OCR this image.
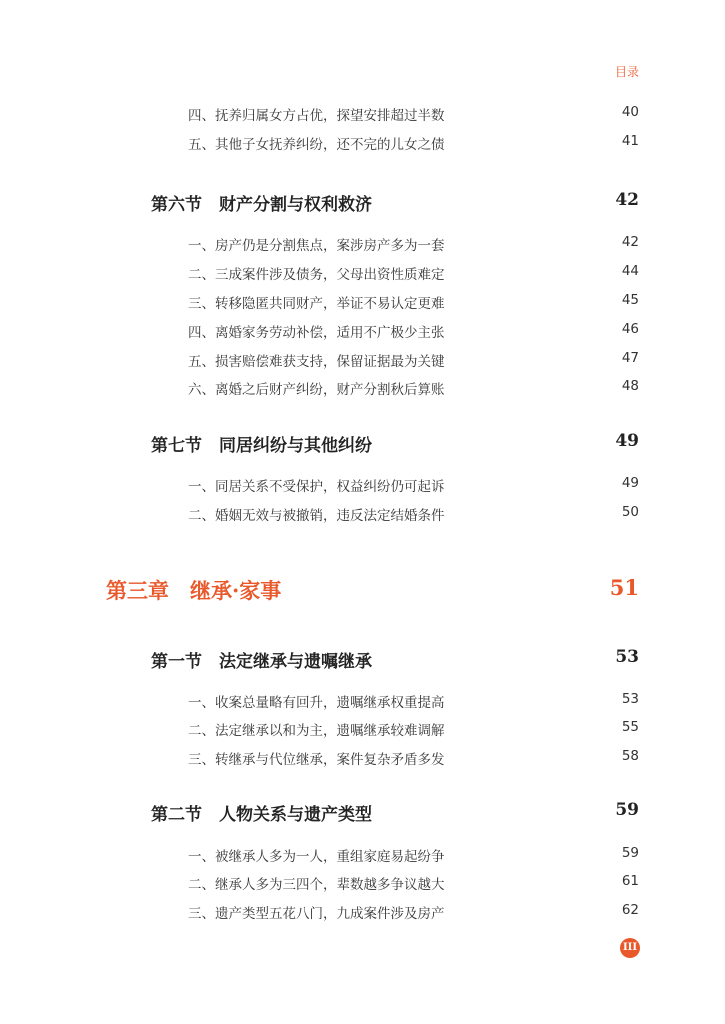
目录
四、抚养归属女方占优，探望安排超过半数	40
五、其他子女抚养纠纷，还不完的儿女之债	41
第六节　财产分割与权利救济	42
一、房产仍是分割焦点，案涉房产多为一套	42
二、三成案件涉及债务，父母出资性质难定	44
三、转移隐匿共同财产，举证不易认定更难	45
四、离婚家务劳动补偿，适用不广极少主张	46
五、损害赔偿难获支持，保留证据最为关键	47
六、离婚之后财产纠纷，财产分割秋后算账	48
第七节　同居纠纷与其他纠纷	49
一、同居关系不受保护，权益纠纷仍可起诉	49
二、婚姻无效与被撤销，违反法定结婚条件	50
第三章　继承·家事	51
第一节　法定继承与遗嘱继承	53
一、收案总量略有回升，遗嘱继承权重提高	53
二、法定继承以和为主，遗嘱继承较难调解	55
三、转继承与代位继承，案件复杂矛盾多发	58
第二节　人物关系与遗产类型	59
一、被继承人多为一人，重组家庭易起纷争	59
二、继承人多为三四个，辈数越多争议越大	61
三、遗产类型五花八门，九成案件涉及房产	62
III
